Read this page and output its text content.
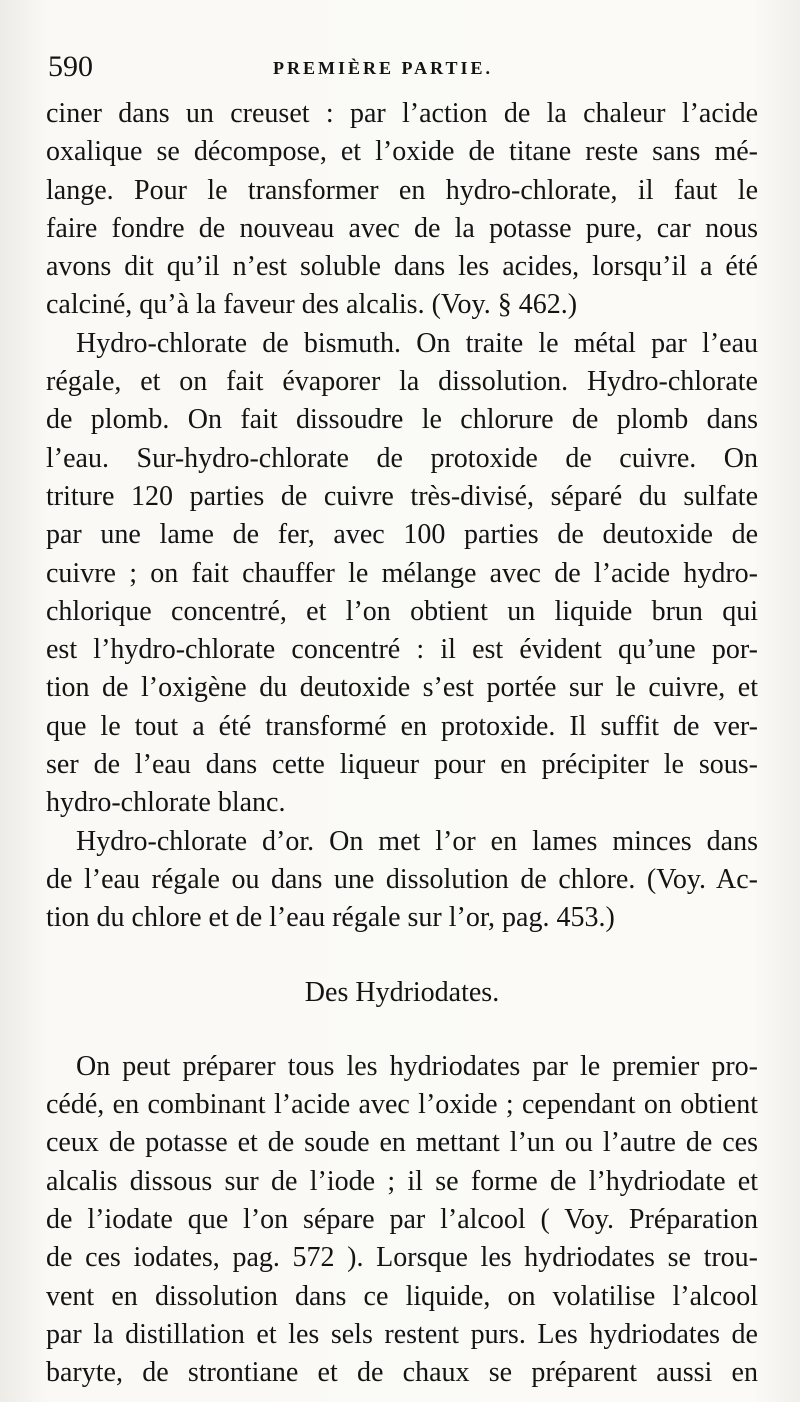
590	PREMIÈRE PARTIE.
ciner dans un creuset : par l’action de la chaleur l’acide
oxalique se décompose, et l’oxide de titane reste sans mé-
lange. Pour le transformer en hydro-chlorate, il faut le
faire fondre de nouveau avec de la potasse pure, car nous
avons dit qu’il n’est soluble dans les acides, lorsqu’il a été
calciné, qu’à la faveur des alcalis. (Voy. § 462.)
Hydro-chlorate de bismuth. On traite le métal par l’eau
régale, et on fait évaporer la dissolution. Hydro-chlorate
de plomb. On fait dissoudre le chlorure de plomb dans
l’eau. Sur-hydro-chlorate de protoxide de cuivre. On
triture 120 parties de cuivre très-divisé, séparé du sulfate
par une lame de fer, avec 100 parties de deutoxide de
cuivre ; on fait chauffer le mélange avec de l’acide hydro-
chlorique concentré, et l’on obtient un liquide brun qui
est l’hydro-chlorate concentré : il est évident qu’une por-
tion de l’oxigène du deutoxide s’est portée sur le cuivre, et
que le tout a été transformé en protoxide. Il suffit de ver-
ser de l’eau dans cette liqueur pour en précipiter le sous-
hydro-chlorate blanc.
Hydro-chlorate d’or. On met l’or en lames minces dans
de l’eau régale ou dans une dissolution de chlore. (Voy. Ac-
tion du chlore et de l’eau régale sur l’or, pag. 453.)
Des Hydriodates.
On peut préparer tous les hydriodates par le premier pro-
cédé, en combinant l’acide avec l’oxide ; cependant on obtient
ceux de potasse et de soude en mettant l’un ou l’autre de ces
alcalis dissous sur de l’iode ; il se forme de l’hydriodate et
de l’iodate que l’on sépare par l’alcool ( Voy. Préparation
de ces iodates, pag. 572 ). Lorsque les hydriodates se trou-
vent en dissolution dans ce liquide, on volatilise l’alcool
par la distillation et les sels restent purs. Les hydriodates de
baryte, de strontiane et de chaux se préparent aussi en
